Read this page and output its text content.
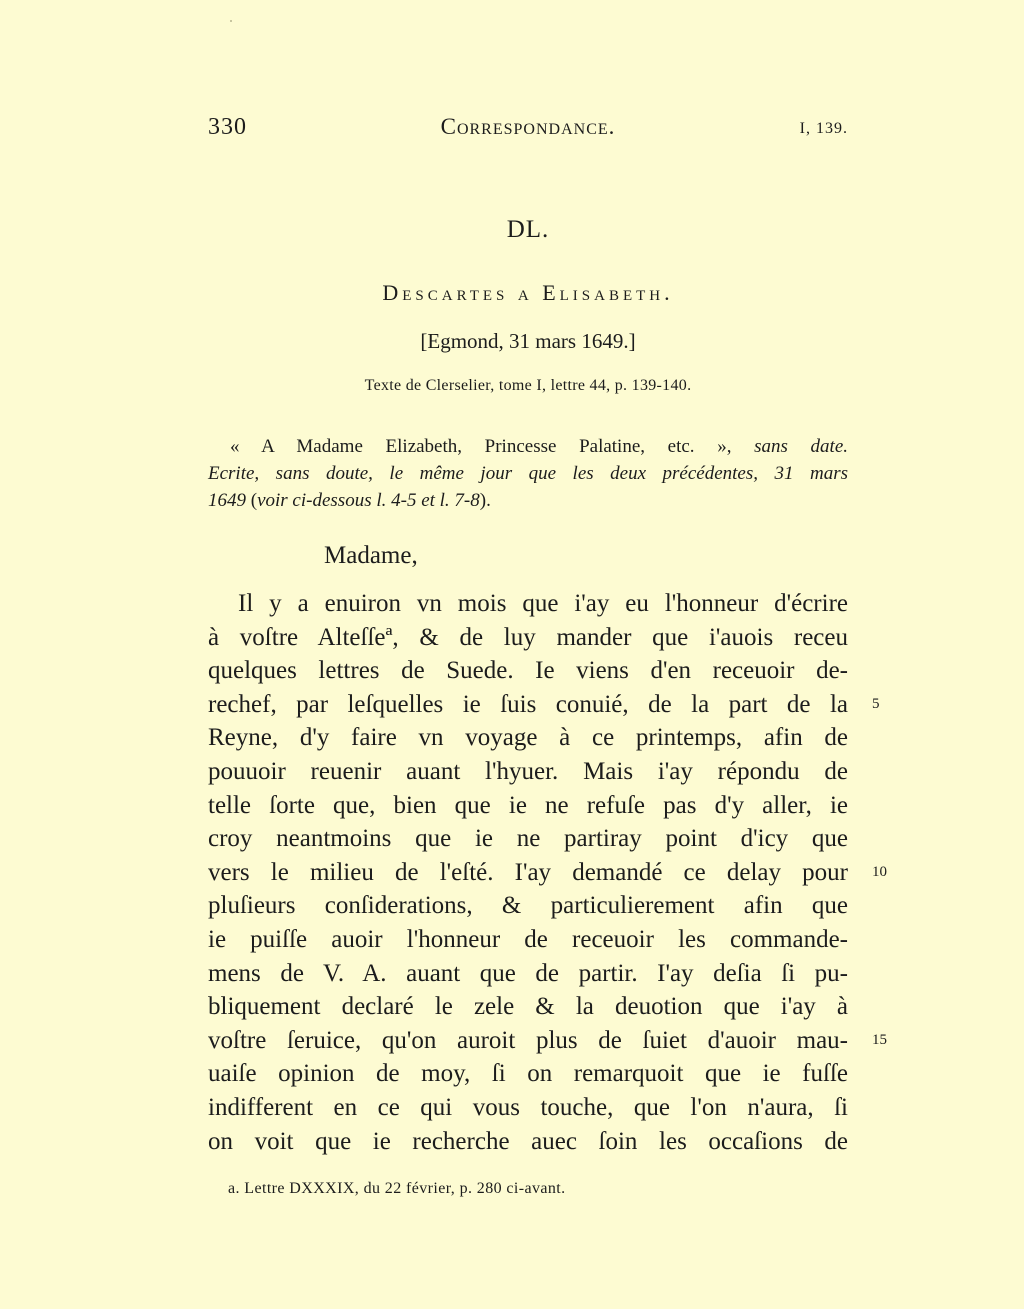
330	Correspondance.	I, 139.
DL.
Descartes a Elisabeth.
[Egmond, 31 mars 1649.]
Texte de Clerselier, tome I, lettre 44, p. 139-140.
« A Madame Elizabeth, Princesse Palatine, etc. », sans date.
Ecrite, sans doute, le même jour que les deux précédentes, 31 mars
1649 (voir ci-dessous l. 4-5 et l. 7-8).
Madame,
Il y a enuiron vn mois que i'ay eu l'honneur d'écrire
à voſtre Alteſſeª, & de luy mander que i'auois receu
quelques lettres de Suede. Ie viens d'en receuoir de-
rechef, par leſquelles ie ſuis conuié, de la part de la 5
Reyne, d'y faire vn voyage à ce printemps, afin de
pouuoir reuenir auant l'hyuer. Mais i'ay répondu de
telle ſorte que, bien que ie ne refuſe pas d'y aller, ie
croy neantmoins que ie ne partiray point d'icy que
vers le milieu de l'eſté. I'ay demandé ce delay pour 10
pluſieurs conſiderations, & particulierement afin que
ie puiſſe auoir l'honneur de receuoir les commande-
mens de V. A. auant que de partir. I'ay deſia ſi pu-
bliquement declaré le zele & la deuotion que i'ay à
voſtre ſeruice, qu'on auroit plus de ſuiet d'auoir mau- 15
uaiſe opinion de moy, ſi on remarquoit que ie fuſſe
indifferent en ce qui vous touche, que l'on n'aura, ſi
on voit que ie recherche auec ſoin les occaſions de
a. Lettre DXXXIX, du 22 février, p. 280 ci-avant.
